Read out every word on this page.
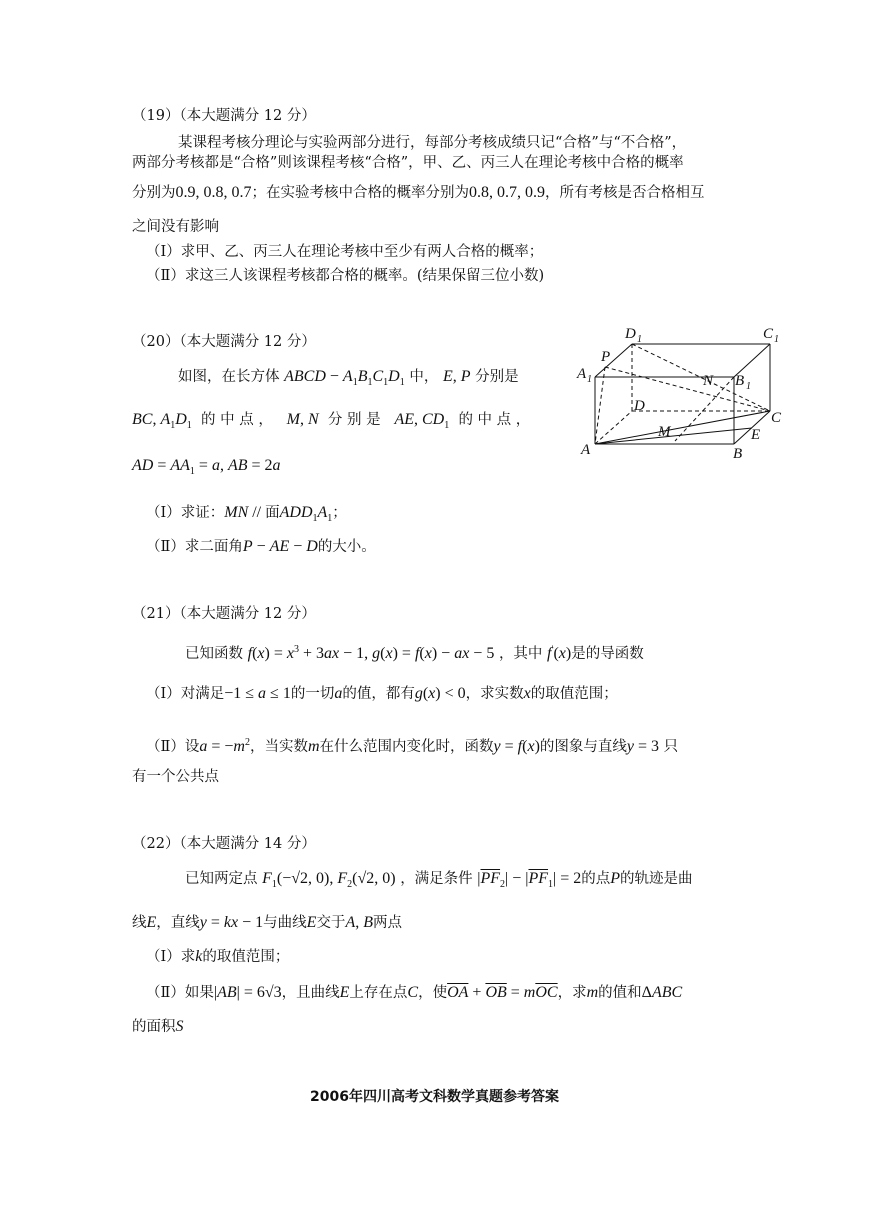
（19）（本大题满分 12 分）
某课程考核分理论与实验两部分进行，每部分考核成绩只记“合格”与“不合格”，
两部分考核都是“合格”则该课程考核“合格”，甲、乙、丙三人在理论考核中合格的概率
分别为0.9, 0.8, 0.7；在实验考核中合格的概率分别为0.8, 0.7, 0.9，所有考核是否合格相互
之间没有影响
（Ⅰ）求甲、乙、丙三人在理论考核中至少有两人合格的概率；
（Ⅱ）求这三人该课程考核都合格的概率。(结果保留三位小数)
（20）（本大题满分 12 分）
如图，在长方体 ABCD − $A_1B_1C_1D_1$ 中， E, P 分别是
BC, $A_1D_1$ 的 中 点 ， M, N 分 别 是 AE, $CD_1$ 的 中 点 ，
AD = $AA_1 = a$, AB = 2a
（Ⅰ）求证：MN // 面$ADD_1A_1$；
（Ⅱ）求二面角P − AE − D的大小。
D 1	C 1
P
A 1	N B 1
D
C
M	E
A	B
（21）（本大题满分 12 分）
已知函数 $f(x) = x^3 + 3ax - 1$, g(x) = f(x) − ax − 5 ，其中 f′(x)是的导函数
（Ⅰ）对满足−1 ≤ a ≤ 1的一切a的值，都有g(x) < 0，求实数x的取值范围；
（Ⅱ）设$a = -m^2$，当实数m在什么范围内变化时，函数y = f(x)的图象与直线y = 3 只
有一个公共点
（22）（本大题满分 14 分）
已知两定点 $F_1(-√2$, 0), $F_2(√2$, 0) ，满足条件 $|\overline{PF}_2| - |\overline{PF}_1| = 2$的点P的轨迹是曲
线E，直线y = kx − 1与曲线E交于A, B两点
（Ⅰ）求k的取值范围；
（Ⅱ）如果|AB| = 6√3，且曲线E上存在点C，使$\overline{OA} + \overline{OB} = m\overline{OC}$，求m的值和ΔABC
的面积S
2006年四川高考文科数学真题参考答案
